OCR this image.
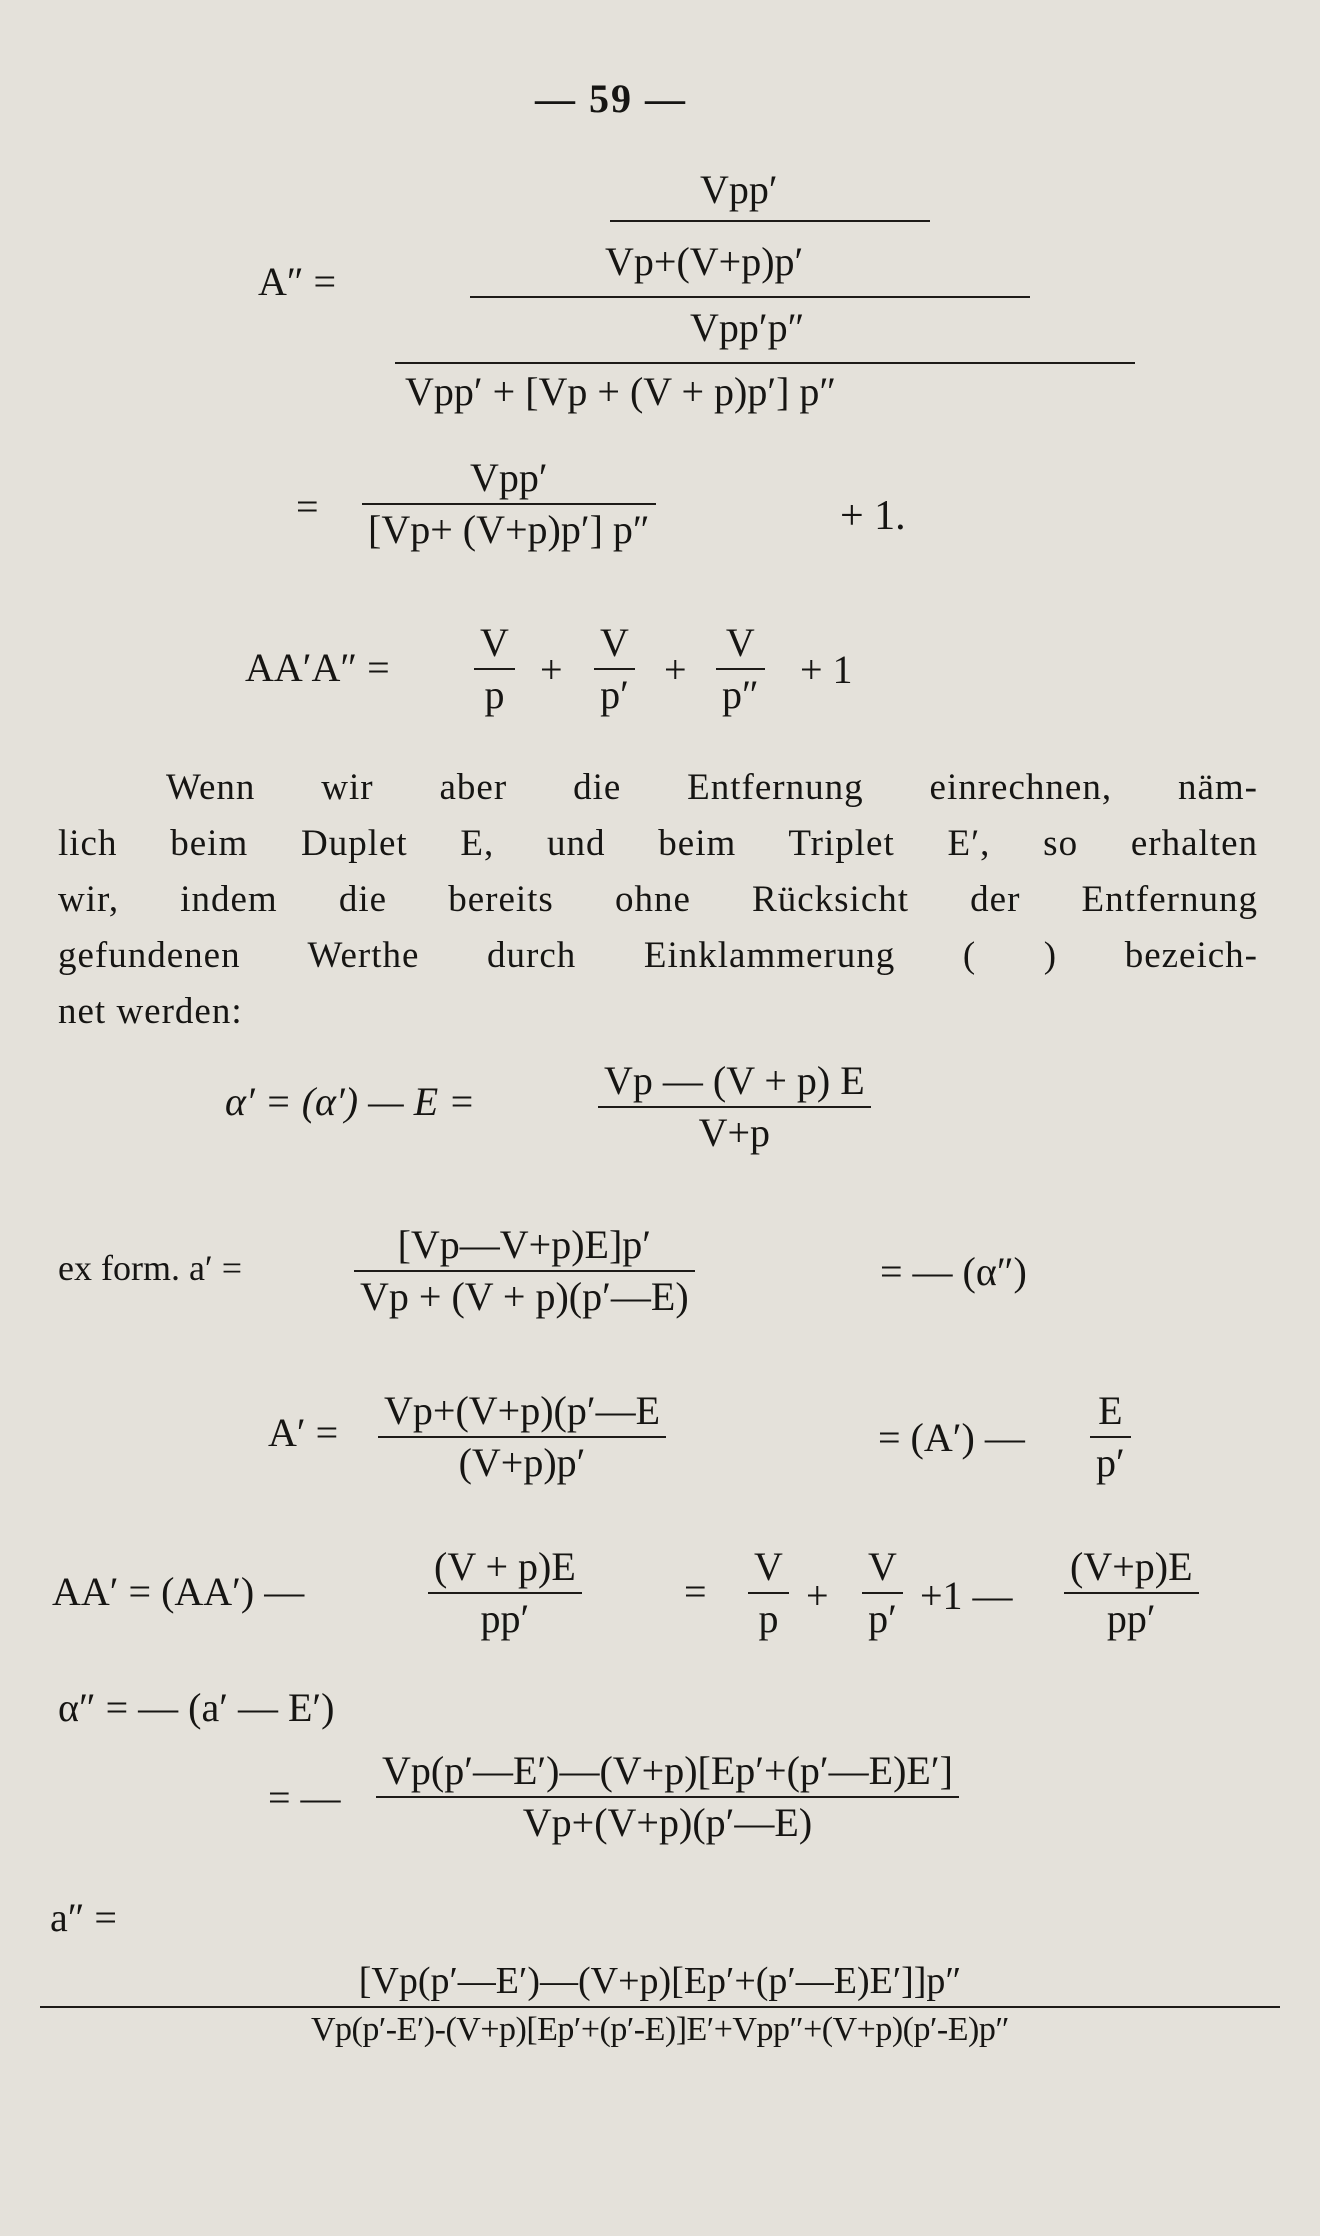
— 59 —
A″ =
Vpp′
Vp+(V+p)p′
Vpp′p″
Vpp′ + [Vp + (V + p)p′] p″
=
Vpp′
[Vp+ (V+p)p′] p″	+ 1.
AA′A″ =
V
p
+
V
p′
+
V
p″
+ 1
Wenn wir aber die Entfernung einrechnen, näm-
lich beim Duplet E, und beim Triplet E′, so erhalten
wir, indem die bereits ohne Rücksicht der Entfernung
gefundenen Werthe durch Einklammerung ( ) bezeich-
net werden:
α′ = (α′) — E =	Vp — (V + p) E
V+p
ex form. a′ =
[Vp—V+p)E]p′
Vp + (V + p)(p′—E)
= — (α″)
A′ = Vp+(V+p)(p′—E
(V+p)p′
= (A′) —
E
p′
AA′ = (AA′) —
(V + p)E
pp′
=
V
p
+
V
p′
+1 —
(V+p)E
pp′
α″ = — (a′ — E′)
= —
Vp(p′—E′)—(V+p)[Ep′+(p′—E)E′]
Vp+(V+p)(p′—E)
a″ =
[Vp(p′—E′)—(V+p)[Ep′+(p′—E)E′]]p″
Vp(p′-E′)-(V+p)[Ep′+(p′-E)]E′+Vpp″+(V+p)(p′-E)p″
